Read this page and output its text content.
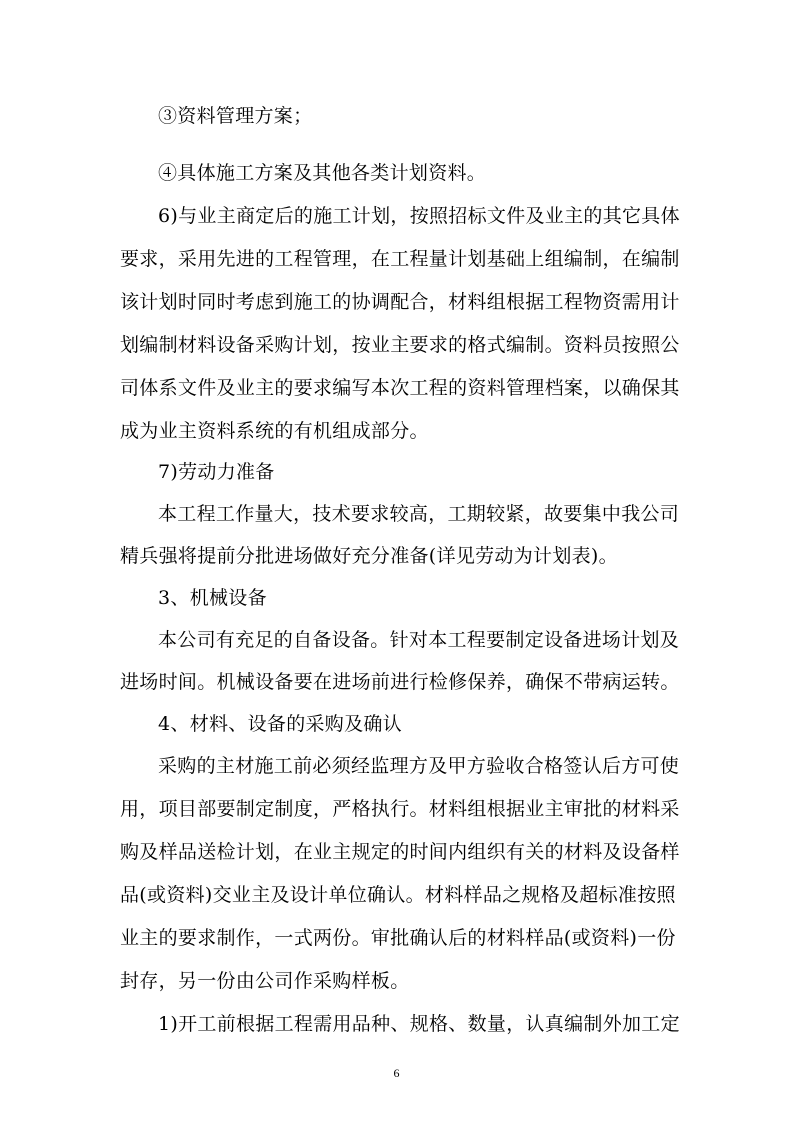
③资料管理方案；
④具体施工方案及其他各类计划资料。
6)与业主商定后的施工计划，按照招标文件及业主的其它具体
要求，采用先进的工程管理，在工程量计划基础上组编制，在编制
该计划时同时考虑到施工的协调配合，材料组根据工程物资需用计
划编制材料设备采购计划，按业主要求的格式编制。资料员按照公
司体系文件及业主的要求编写本次工程的资料管理档案，以确保其
成为业主资料系统的有机组成部分。
7)劳动力准备
本工程工作量大，技术要求较高，工期较紧，故要集中我公司
精兵强将提前分批进场做好充分准备(详见劳动为计划表)。
3、机械设备
本公司有充足的自备设备。针对本工程要制定设备进场计划及
进场时间。机械设备要在进场前进行检修保养，确保不带病运转。
4、材料、设备的采购及确认
采购的主材施工前必须经监理方及甲方验收合格签认后方可使
用，项目部要制定制度，严格执行。材料组根据业主审批的材料采
购及样品送检计划，在业主规定的时间内组织有关的材料及设备样
品(或资料)交业主及设计单位确认。材料样品之规格及超标准按照
业主的要求制作，一式两份。审批确认后的材料样品(或资料)一份
封存，另一份由公司作采购样板。
1)开工前根据工程需用品种、规格、数量，认真编制外加工定
6
